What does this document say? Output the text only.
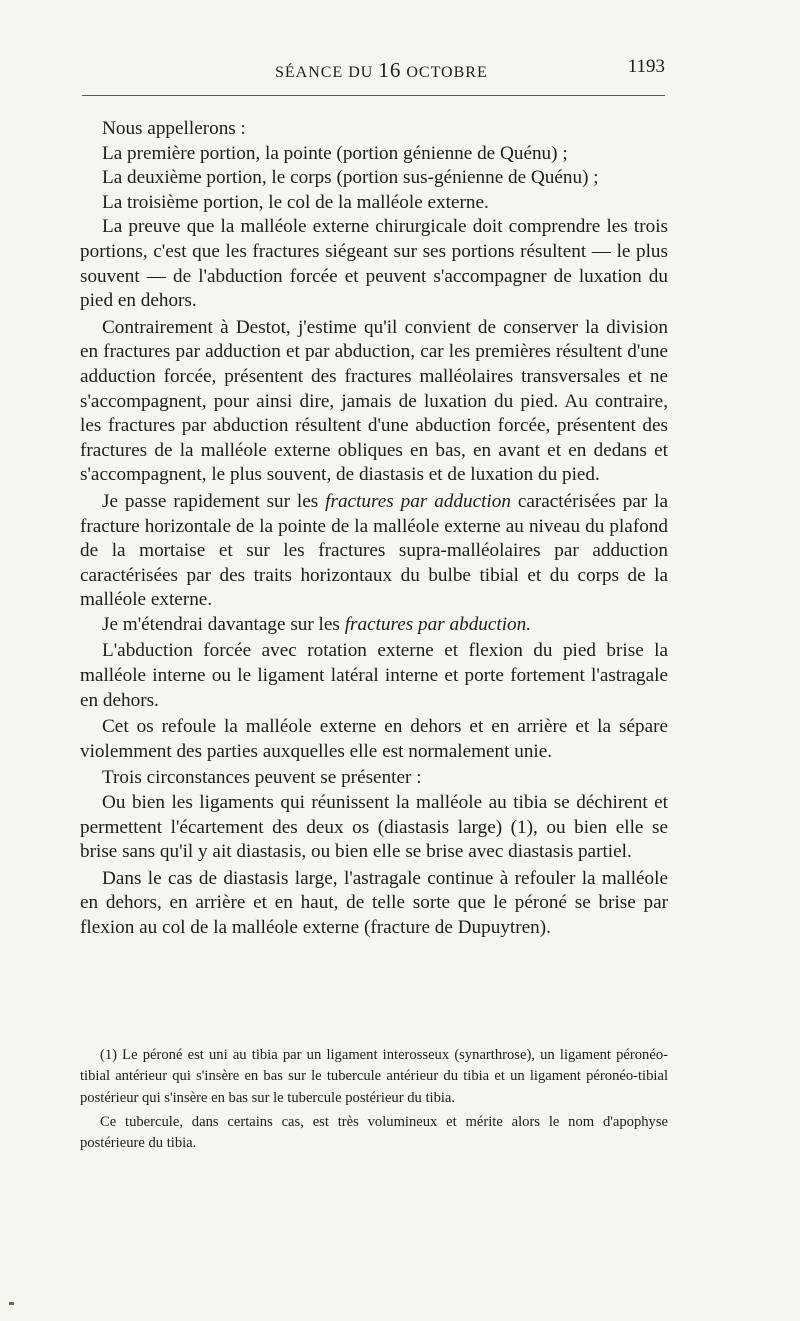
SÉANCE DU 16 OCTOBRE	1193

Nous appellerons :

La première portion, la pointe (portion génienne de Quénu) ;

La deuxième portion, le corps (portion sus-génienne de Quénu) ;

La troisième portion, le col de la malléole externe.

La preuve que la malléole externe chirurgicale doit comprendre les trois portions, c'est que les fractures siégeant sur ses portions résultent — le plus souvent — de l'abduction forcée et peuvent s'accompagner de luxation du pied en dehors.

Contrairement à Destot, j'estime qu'il convient de conserver la division en fractures par adduction et par abduction, car les premières résultent d'une adduction forcée, présentent des fractures malléolaires transversales et ne s'accompagnent, pour ainsi dire, jamais de luxation du pied. Au contraire, les fractures par abduction résultent d'une abduction forcée, présentent des fractures de la malléole externe obliques en bas, en avant et en dedans et s'accompagnent, le plus souvent, de diastasis et de luxation du pied.

Je passe rapidement sur les fractures par adduction caractérisées par la fracture horizontale de la pointe de la malléole externe au niveau du plafond de la mortaise et sur les fractures supra-malléolaires par adduction caractérisées par des traits horizontaux du bulbe tibial et du corps de la malléole externe.

Je m'étendrai davantage sur les fractures par abduction.

L'abduction forcée avec rotation externe et flexion du pied brise la malléole interne ou le ligament latéral interne et porte fortement l'astragale en dehors.

Cet os refoule la malléole externe en dehors et en arrière et la sépare violemment des parties auxquelles elle est normalement unie.

Trois circonstances peuvent se présenter :

Ou bien les ligaments qui réunissent la malléole au tibia se déchirent et permettent l'écartement des deux os (diastasis large) (1), ou bien elle se brise sans qu'il y ait diastasis, ou bien elle se brise avec diastasis partiel.

Dans le cas de diastasis large, l'astragale continue à refouler la malléole en dehors, en arrière et en haut, de telle sorte que le péroné se brise par flexion au col de la malléole externe (fracture de Dupuytren).

(1) Le péroné est uni au tibia par un ligament interosseux (synarthrose), un ligament péronéo-tibial antérieur qui s'insère en bas sur le tubercule antérieur du tibia et un ligament péronéo-tibial postérieur qui s'insère en bas sur le tubercule postérieur du tibia.

Ce tubercule, dans certains cas, est très volumineux et mérite alors le nom d'apophyse postérieure du tibia.
